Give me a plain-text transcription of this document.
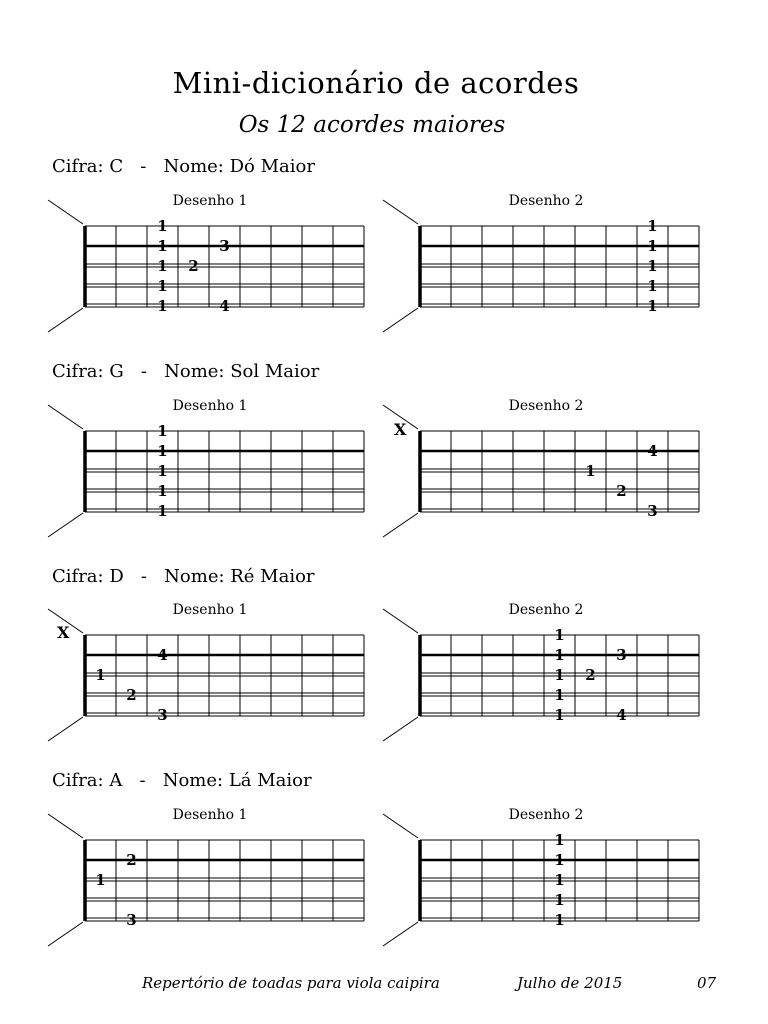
Mini-dicionário de acordes
Os 12 acordes maiores
Cifra: C   -   Nome: Dó Maior
Desenho 1	Desenho 2
1
1
1
1
1
3
2
4
1
1
1
1
1
Cifra: G   -   Nome: Sol Maior
Desenho 1	Desenho 2
X
1
1
1
1
1
4
1
2
3
Cifra: D   -   Nome: Ré Maior
Desenho 1	Desenho 2
X
4
1
2
3
1
1
1
1
1
3
2
4
Cifra: A   -   Nome: Lá Maior
Desenho 1	Desenho 2
2
1
3
1
1
1
1
1
Repertório de toadas para viola caipira	Julho de 2015	07
